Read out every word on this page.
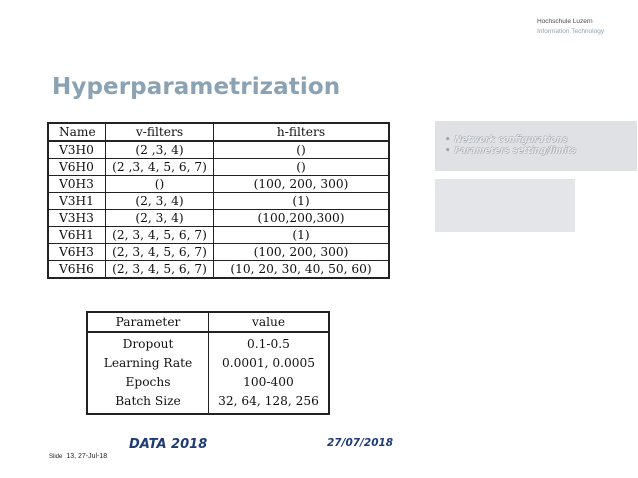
Hochschule Luzern
Information Technology
Hyperparametrization
Name	v-filters	h-filters
V3H0	(2 ,3, 4)	()
V6H0	(2 ,3, 4, 5, 6, 7)	()
V0H3	()	(100, 200, 300)
V3H1	(2, 3, 4)	(1)
V3H3	(2, 3, 4)	(100,200,300)
V6H1	(2, 3, 4, 5, 6, 7)	(1)
V6H3	(2, 3, 4, 5, 6, 7)	(100, 200, 300)
V6H6	(2, 3, 4, 5, 6, 7)	(10, 20, 30, 40, 50, 60)
Parameter	value
Dropout	0.1-0.5
Learning Rate	0.0001, 0.0005
Epochs	100-400
Batch Size	32, 64, 128, 256
• Network configurations
• Parameters setting/limits
DATA 2018	27/07/2018
Slide 13, 27-Jul-18
